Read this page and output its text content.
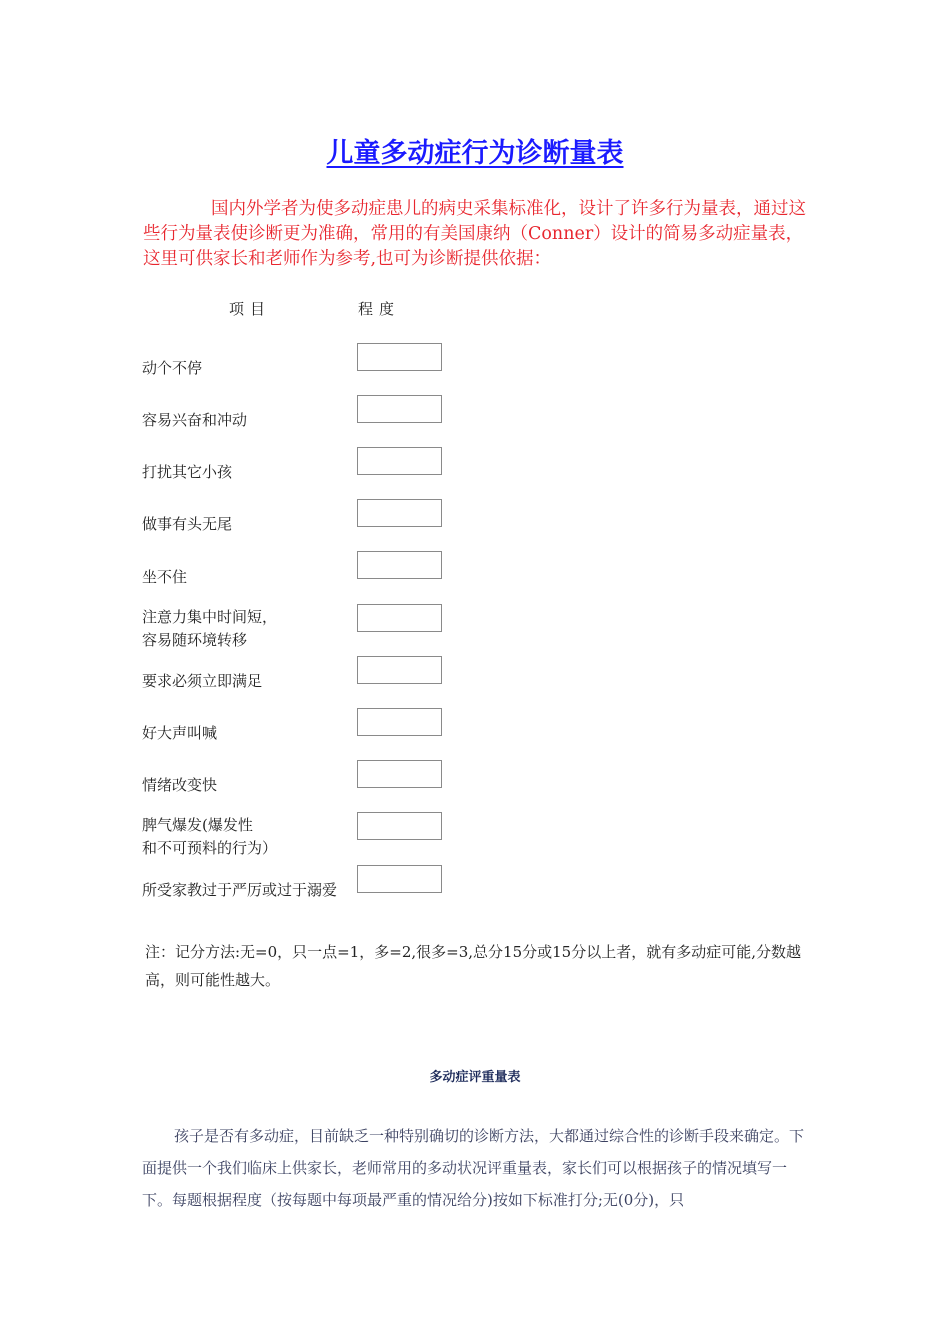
儿童多动症行为诊断量表

国内外学者为使多动症患儿的病史采集标准化，设计了许多行为量表，通过这些行为量表使诊断更为准确，常用的有美国康纳（Conner）设计的简易多动症量表，这里可供家长和老师作为参考,也可为诊断提供依据：

项目	程度
动个不停
容易兴奋和冲动
打扰其它小孩
做事有头无尾
坐不住
注意力集中时间短，
容易随环境转移
要求必须立即满足
好大声叫喊
情绪改变快
脾气爆发(爆发性
和不可预料的行为）
所受家教过于严厉或过于溺爱

注：记分方法:无=0，只一点=1，多=2,很多=3,总分15分或15分以上者，就有多动症可能,分数越高，则可能性越大。

多动症评重量表

孩子是否有多动症，目前缺乏一种特别确切的诊断方法，大都通过综合性的诊断手段来确定。下面提供一个我们临床上供家长，老师常用的多动状况评重量表，家长们可以根据孩子的情况填写一下。每题根据程度（按每题中每项最严重的情况给分)按如下标准打分;无(0分)，只
